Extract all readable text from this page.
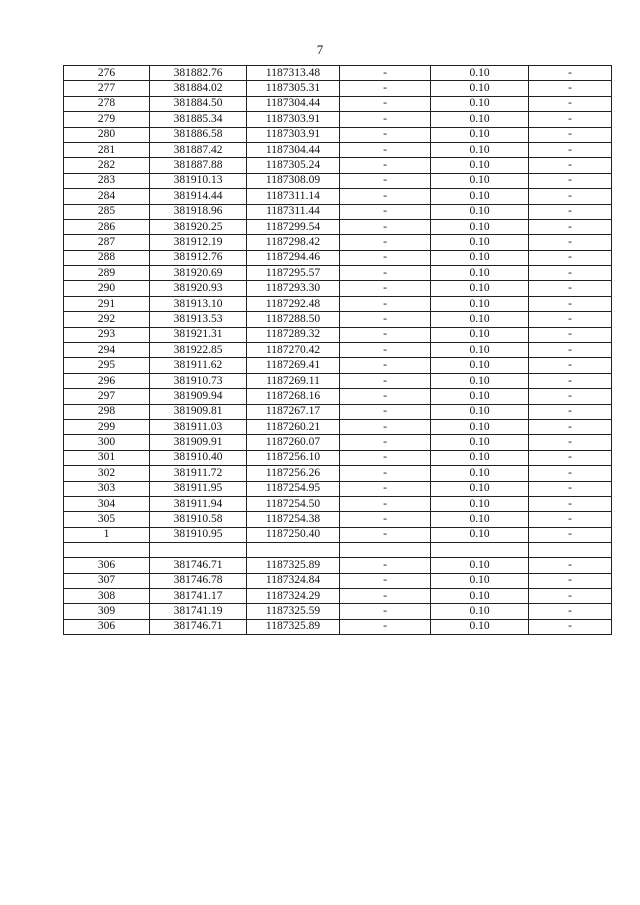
7
276	381882.76	1187313.48	-	0.10	-
277	381884.02	1187305.31	-	0.10	-
278	381884.50	1187304.44	-	0.10	-
279	381885.34	1187303.91	-	0.10	-
280	381886.58	1187303.91	-	0.10	-
281	381887.42	1187304.44	-	0.10	-
282	381887.88	1187305.24	-	0.10	-
283	381910.13	1187308.09	-	0.10	-
284	381914.44	1187311.14	-	0.10	-
285	381918.96	1187311.44	-	0.10	-
286	381920.25	1187299.54	-	0.10	-
287	381912.19	1187298.42	-	0.10	-
288	381912.76	1187294.46	-	0.10	-
289	381920.69	1187295.57	-	0.10	-
290	381920.93	1187293.30	-	0.10	-
291	381913.10	1187292.48	-	0.10	-
292	381913.53	1187288.50	-	0.10	-
293	381921.31	1187289.32	-	0.10	-
294	381922.85	1187270.42	-	0.10	-
295	381911.62	1187269.41	-	0.10	-
296	381910.73	1187269.11	-	0.10	-
297	381909.94	1187268.16	-	0.10	-
298	381909.81	1187267.17	-	0.10	-
299	381911.03	1187260.21	-	0.10	-
300	381909.91	1187260.07	-	0.10	-
301	381910.40	1187256.10	-	0.10	-
302	381911.72	1187256.26	-	0.10	-
303	381911.95	1187254.95	-	0.10	-
304	381911.94	1187254.50	-	0.10	-
305	381910.58	1187254.38	-	0.10	-
1	381910.95	1187250.40	-	0.10	-

306	381746.71	1187325.89	-	0.10	-
307	381746.78	1187324.84	-	0.10	-
308	381741.17	1187324.29	-	0.10	-
309	381741.19	1187325.59	-	0.10	-
306	381746.71	1187325.89	-	0.10	-
